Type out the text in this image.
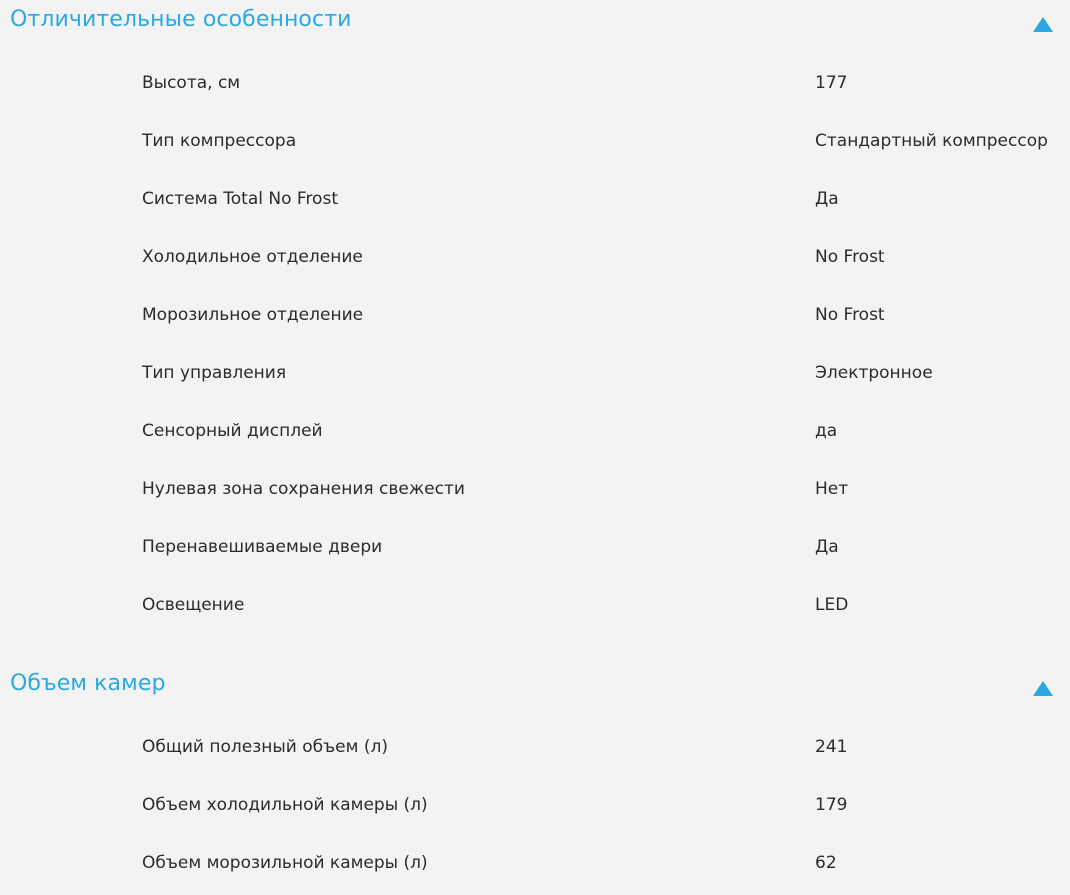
Отличительные особенности
Высота, см	177
Тип компрессора	Стандартный компрессор
Система Total No Frost	Да
Холодильное отделение	No Frost
Морозильное отделение	No Frost
Тип управления	Электронное
Сенсорный дисплей	да
Нулевая зона сохранения свежести	Нет
Перенавешиваемые двери	Да
Освещение	LED
Объем камер
Общий полезный объем (л)	241
Объем холодильной камеры (л)	179
Объем морозильной камеры (л)	62
